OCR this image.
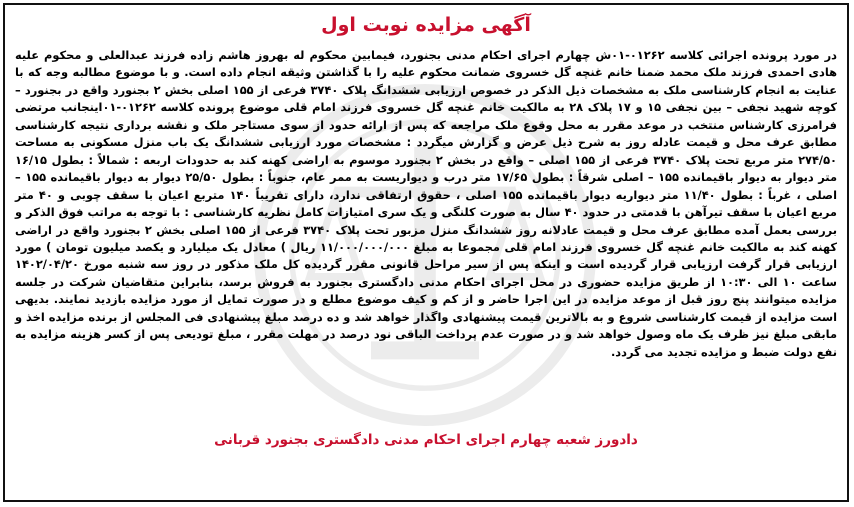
آگهی مزایده نوبت اول
در مورد پرونده اجرائی کلاسه ۰۱۲۶۲-۰۱ش چهارم اجرای احکام مدنی بجنورد، فیمابین محکوم له بهروز هاشم زاده فرزند عبدالعلی و محکوم علیه هادی احمدی فرزند ملک محمد ضمنا خانم غنچه گل خسروی ضمانت محکوم علیه را با گذاشتن وثیقه انجام داده است. و با موضوع مطالبه وجه که با عنایت به انجام کارشناسی ملک به مشخصات ذیل الذکر در خصوص ارزیابی ششدانگ پلاک ۳۷۴۰ فرعی از ۱۵۵ اصلی بخش ۲ بجنورد واقع در بجنورد – کوچه شهید نجفی – بین نجفی ۱۵ و ۱۷ پلاک ۲۸ به مالکیت خانم غنچه گل خسروی فرزند امام قلی موضوع پرونده کلاسه ۰۱۲۶۲-۰۱اینجانب مرتضی فرامرزی کارشناس منتخب در موعد مقرر به محل وقوع ملک مراجعه که پس از ارائه حدود از سوی مستاجر ملک و نقشه برداری نتیجه کارشناسی مطابق عرف محل و قیمت عادله روز به شرح ذیل عرض و گزارش میگردد : مشخصات مورد ارزیابی ششدانگ یک باب منزل مسکونی به مساحت ۲۷۴/۵۰ متر مربع تحت پلاک ۳۷۴۰ فرعی از ۱۵۵ اصلی – واقع در بخش ۲ بجنورد موسوم به اراضی کهنه کند به حدودات اربعه : شمالاً : بطول ۱۶/۱۵ متر دیوار به دیوار باقیمانده ۱۵۵ – اصلی شرقاً : بطول ۱۷/۶۵ متر درب و دیواریست به ممر عام، جنوباً : بطول ۲۵/۵۰ دیوار به دیوار باقیمانده ۱۵۵ – اصلی ، غرباً : بطول ۱۱/۴۰ متر دیواریه دیوار باقیمانده ۱۵۵ اصلی ، حقوق ارتفاقی ندارد، دارای تقریباً ۱۴۰ متربع اعیان با سقف چوبی و ۴۰ متر مربع اعیان با سقف تیرآهن با قدمتی در حدود ۴۰ سال به صورت کلنگی و یک سری امتیازات کامل نظریه کارشناسی : با توجه به مراتب فوق الذکر و بررسی بعمل آمده مطابق عرف محل و قیمت عادلانه روز ششدانگ منزل مزبور تحت پلاک ۳۷۴۰ فرعی از ۱۵۵ اصلی بخش ۲ بجنورد واقع در اراضی کهنه کند به مالکیت خانم غنچه گل خسروی فرزند امام قلی مجموعا به مبلغ ۱۱/۰۰۰/۰۰۰/۰۰۰ ریال ) معادل یک میلیارد و یکصد میلیون تومان ) مورد ارزیابی قرار گرفت ارزیابی قرار گردیده است و اینکه پس از سیر مراحل قانونی مقرر گردیده کل ملک مذکور در روز سه شنبه مورخ ۱۴۰۲/۰۴/۲۰ ساعت ۱۰ الی ۱۰:۳۰ از طریق مزایده حضوری در محل اجرای احکام مدنی دادگستری بجنورد به فروش برسد، بنابراین متقاضیان شرکت در جلسه مزایده میتوانند پنج روز قبل از موعد مزایده در این اجرا حاضر و از کم و کیف موضوع مطلع و در صورت تمایل از مورد مزایده بازدید نمایند. بدیهی است مزایده از قیمت کارشناسی شروع و به بالاترین قیمت پیشنهادی واگذار خواهد شد و ده درصد مبلغ پیشنهادی فی المجلس از برنده مزایده اخذ و مابقی مبلغ نیز ظرف یک ماه وصول خواهد شد و در صورت عدم پرداخت الباقی نود درصد در مهلت مقرر ، مبلغ تودیعی پس از کسر هزینه مزایده به نفع دولت ضبط و مزایده تجدید می گردد.
دادورز شعبه چهارم اجرای احکام مدنی دادگستری بجنورد قربانی
